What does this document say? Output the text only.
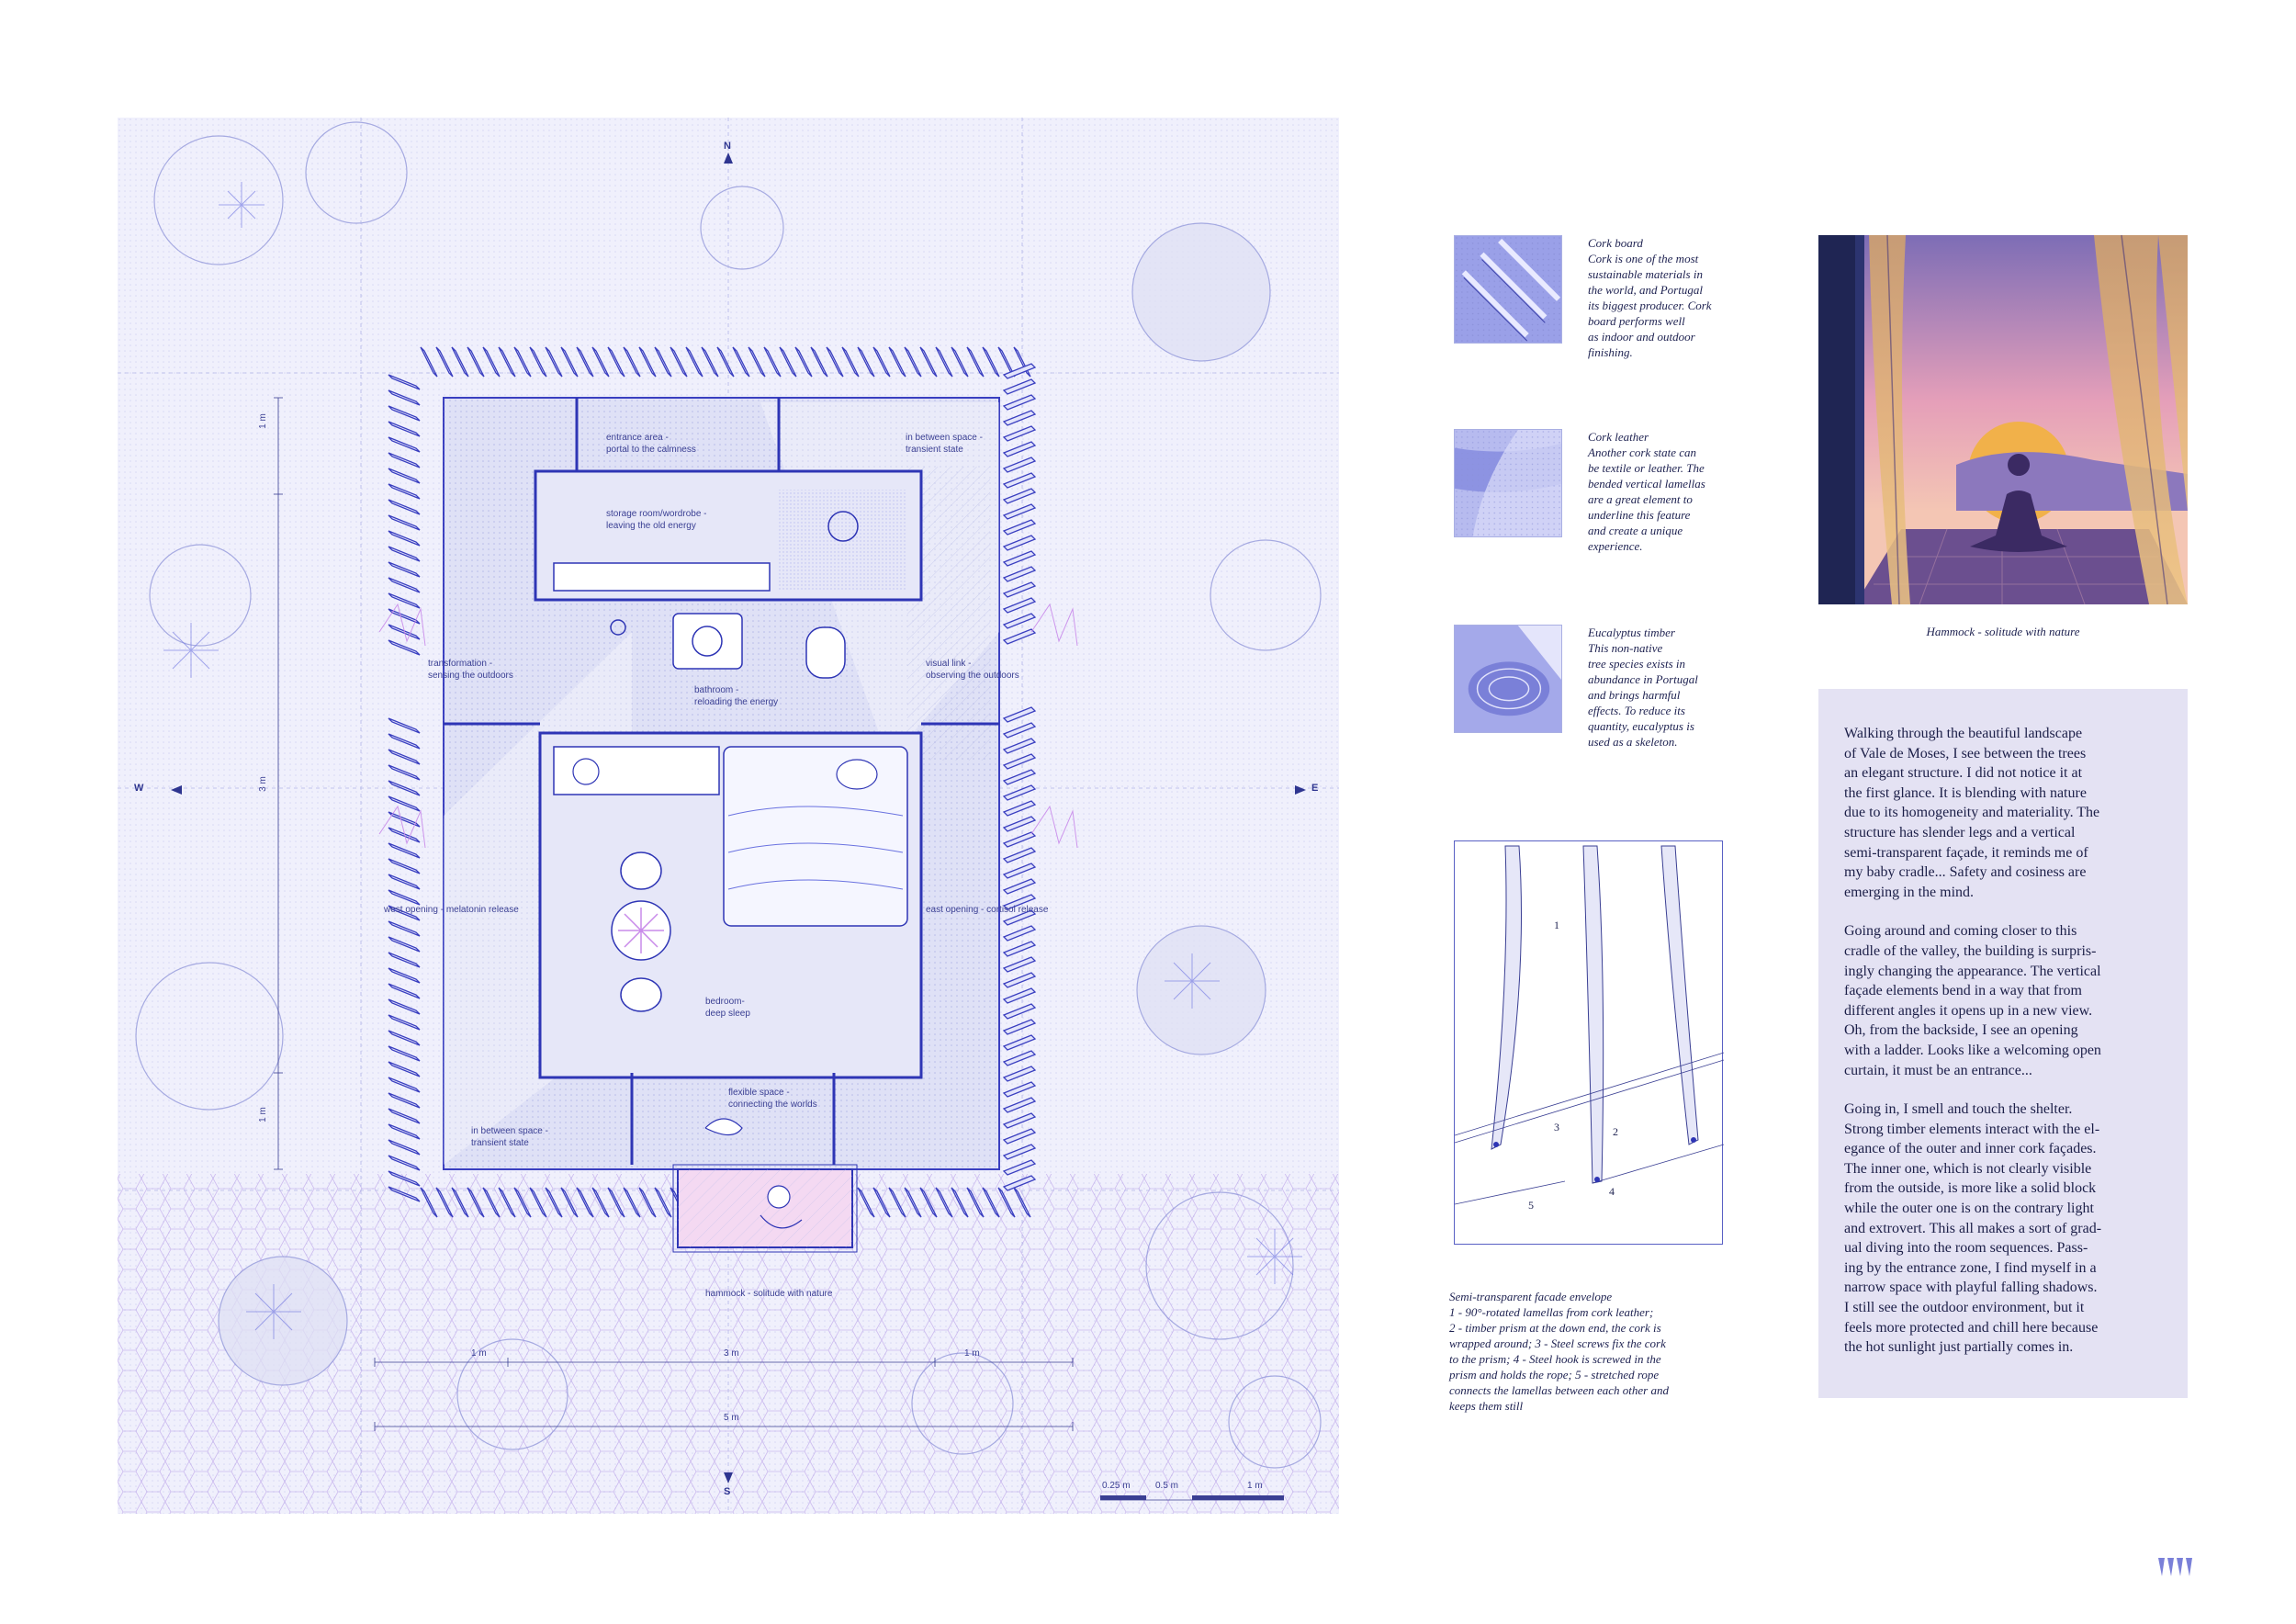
N
S
W	E
entrance area -
portal to the calmness
in between space -
transient state
storage room/wordrobe -
leaving the old energy
transformation -
sensing the outdoors
bathroom -
reloading the energy
visual link -
observing the outdoors
west opening - melatonin release	east opening - cortisol release
bedroom-
deep sleep
flexible space -
connecting the worlds
in between space -
transient state
hammock - solitude with nature
1 m
3 m
1 m
1 m	3 m	1 m
5 m
0.25 m	0.5 m	1 m
Cork board
Cork is one of the most
sustainable materials in
the world, and Portugal
its biggest producer. Cork
board performs well
as indoor and outdoor
finishing.
Cork leather
Another cork state can
be textile or leather. The
bended vertical lamellas
are a great element to
underline this feature
and create a unique
experience.
Eucalyptus timber
This non-native
tree species exists in
abundance in Portugal
and brings harmful
effects. To reduce its
quantity, eucalyptus is
used as a skeleton.
1
2
3
4
5
Semi-transparent facade envelope
1 - 90°-rotated lamellas from cork leather;
2 - timber prism at the down end, the cork is
wrapped around; 3 - Steel screws fix the cork
to the prism; 4 - Steel hook is screwed in the
prism and holds the rope; 5 - stretched rope
connects the lamellas between each other and
keeps them still
Hammock - solitude with nature

Walking through the beautiful landscape
of Vale de Moses, I see between the trees
an elegant structure. I did not notice it at
the first glance. It is blending with nature
due to its homogeneity and materiality. The
structure has slender legs and a vertical
semi-transparent façade, it reminds me of
my baby cradle... Safety and cosiness are
emerging in the mind.

Going around and coming closer to this
cradle of the valley, the building is surpris-
ingly changing the appearance. The vertical
façade elements bend in a way that from
different angles it opens up in a new view.
Oh, from the backside, I see an opening
with a ladder. Looks like a welcoming open
curtain, it must be an entrance...

Going in, I smell and touch the shelter.
Strong timber elements interact with the el-
egance of the outer and inner cork façades.
The inner one, which is not clearly visible
from the outside, is more like a solid block
while the outer one is on the contrary light
and extrovert. This all makes a sort of grad-
ual diving into the room sequences. Pass-
ing by the entrance zone, I find myself in a
narrow space with playful falling shadows.
I still see the outdoor environment, but it
feels more protected and chill here because
the hot sunlight just partially comes in.
